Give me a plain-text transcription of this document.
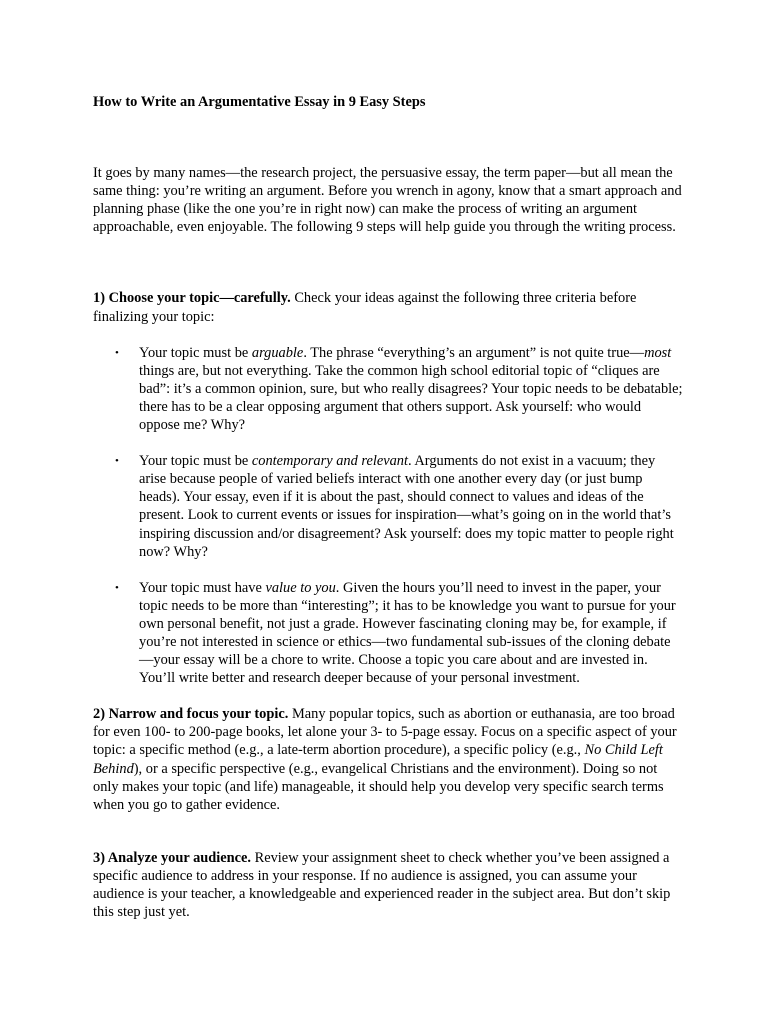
How to Write an Argumentative Essay in 9 Easy Steps

It goes by many names—the research project, the persuasive essay, the term paper—but all mean the same thing: you’re writing an argument. Before you wrench in agony, know that a smart approach and planning phase (like the one you’re in right now) can make the process of writing an argument approachable, even enjoyable. The following 9 steps will help guide you through the writing process.

1) Choose your topic—carefully. Check your ideas against the following three criteria before finalizing your topic:

• Your topic must be arguable. The phrase “everything’s an argument” is not quite true—most things are, but not everything. Take the common high school editorial topic of “cliques are bad”: it’s a common opinion, sure, but who really disagrees? Your topic needs to be debatable; there has to be a clear opposing argument that others support. Ask yourself: who would oppose me? Why?
• Your topic must be contemporary and relevant. Arguments do not exist in a vacuum; they arise because people of varied beliefs interact with one another every day (or just bump heads). Your essay, even if it is about the past, should connect to values and ideas of the present. Look to current events or issues for inspiration—what’s going on in the world that’s inspiring discussion and/or disagreement? Ask yourself: does my topic matter to people right now? Why?
• Your topic must have value to you. Given the hours you’ll need to invest in the paper, your topic needs to be more than “interesting”; it has to be knowledge you want to pursue for your own personal benefit, not just a grade. However fascinating cloning may be, for example, if you’re not interested in science or ethics—two fundamental sub-issues of the cloning debate—your essay will be a chore to write. Choose a topic you care about and are invested in. You’ll write better and research deeper because of your personal investment.

2) Narrow and focus your topic. Many popular topics, such as abortion or euthanasia, are too broad for even 100- to 200-page books, let alone your 3- to 5-page essay. Focus on a specific aspect of your topic: a specific method (e.g., a late-term abortion procedure), a specific policy (e.g., No Child Left Behind), or a specific perspective (e.g., evangelical Christians and the environment). Doing so not only makes your topic (and life) manageable, it should help you develop very specific search terms when you go to gather evidence.

3) Analyze your audience. Review your assignment sheet to check whether you’ve been assigned a specific audience to address in your response. If no audience is assigned, you can assume your audience is your teacher, a knowledgeable and experienced reader in the subject area. But don’t skip this step just yet.
